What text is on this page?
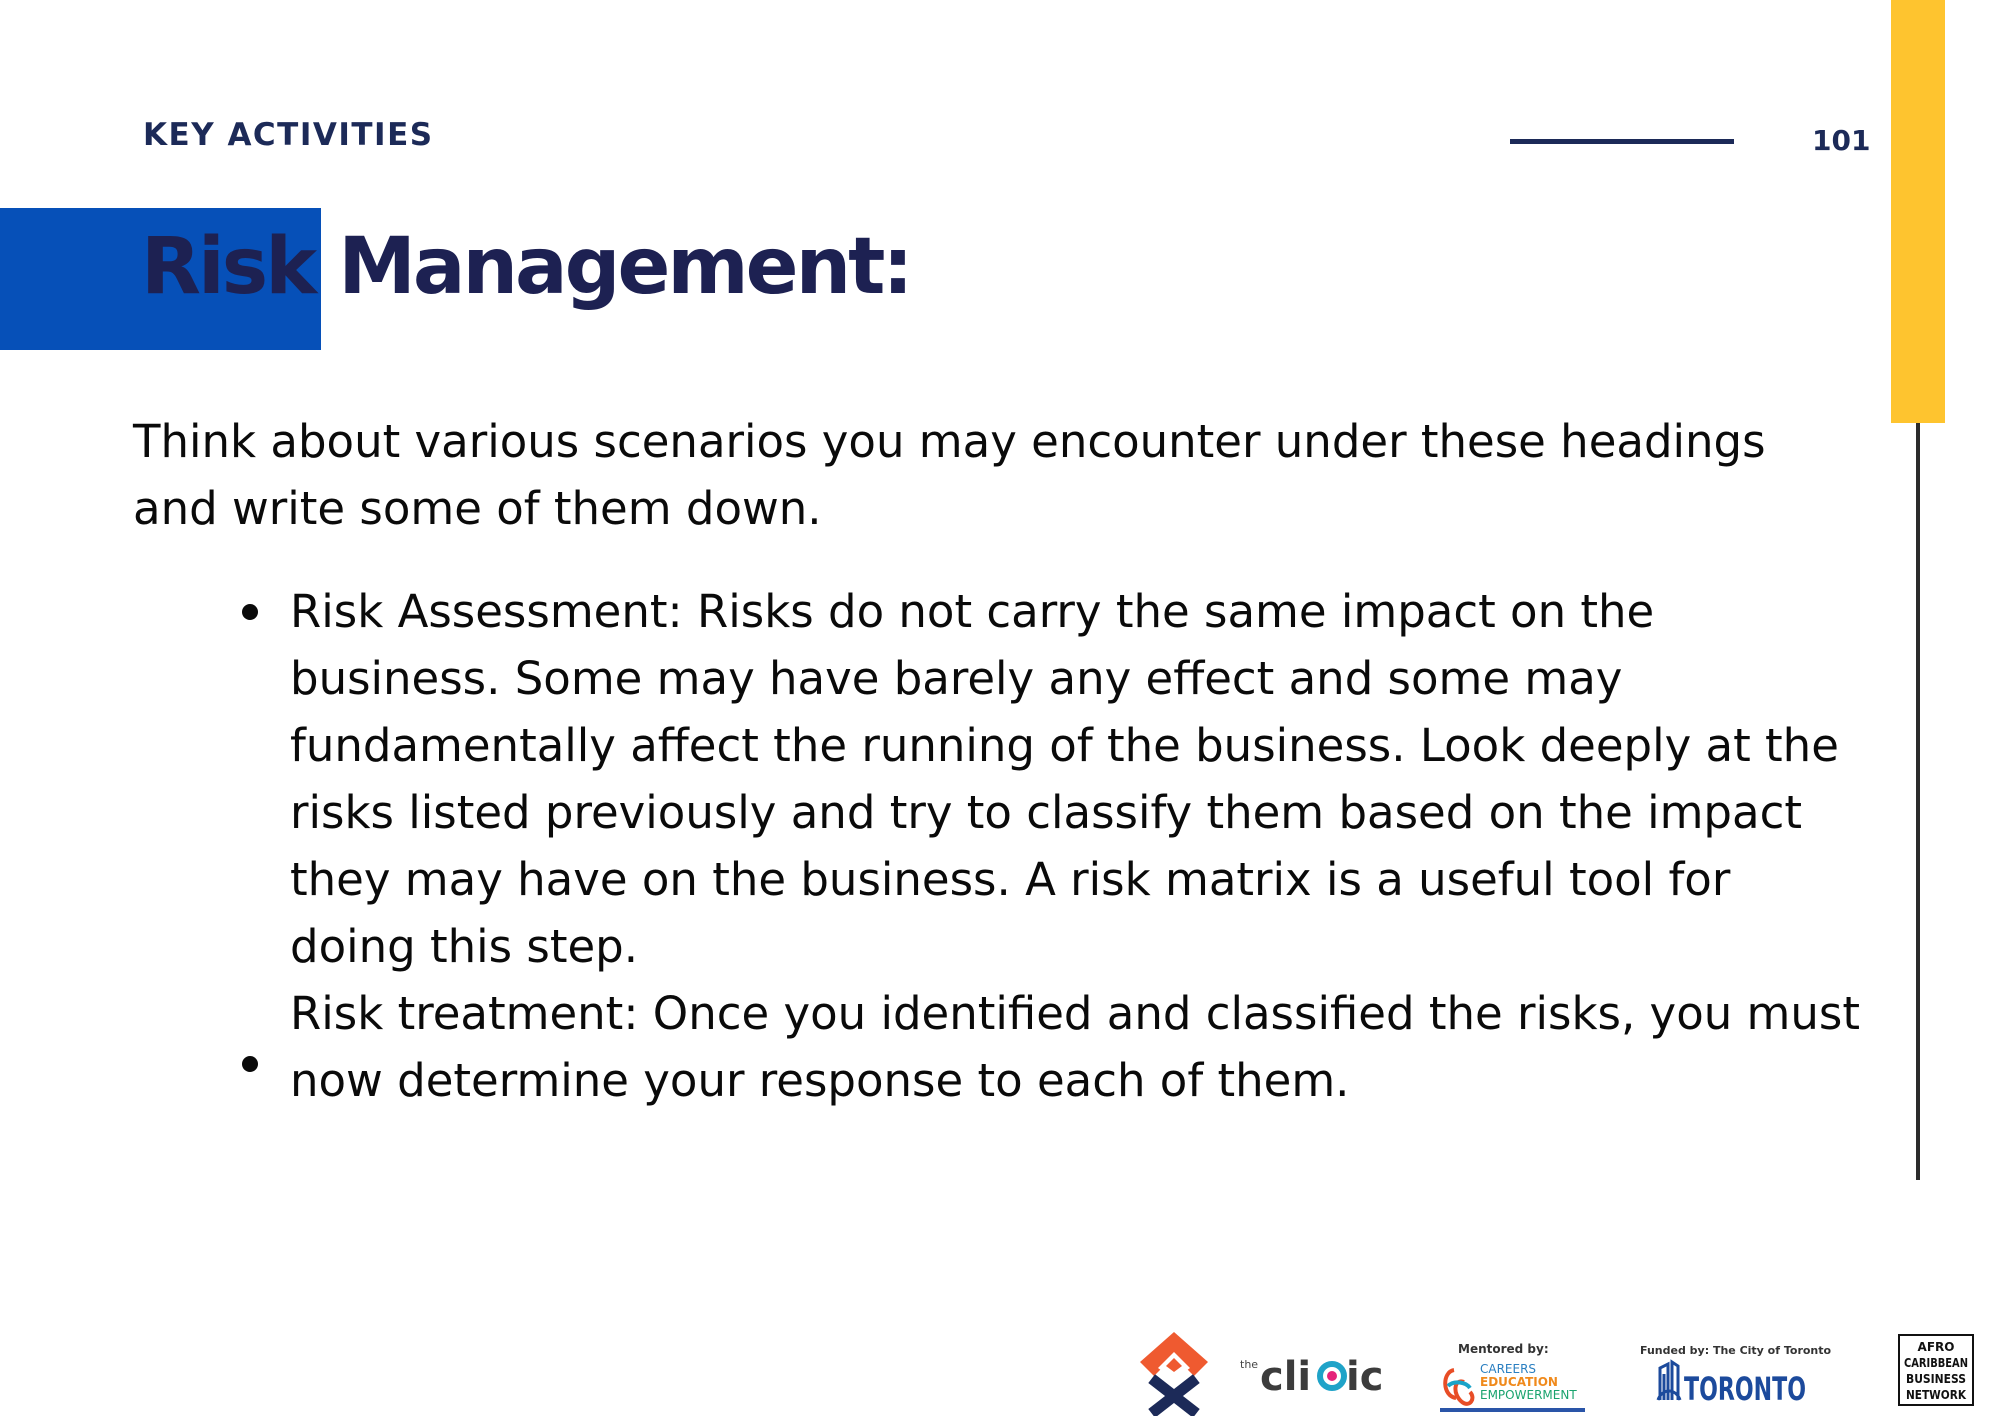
KEY ACTIVITIES	101
Risk Management:

Think about various scenarios you may encounter under these headings and write some of them down.

Risk Assessment: Risks do not carry the same impact on the business. Some may have barely any effect and some may fundamentally affect the running of the business. Look deeply at the risks listed previously and try to classify them based on the impact they may have on the business. A risk matrix is a useful tool for doing this step.
Risk treatment: Once you identified and classified the risks, you must now determine your response to each of them.
the cli ic
Mentored by:
CAREERS
EDUCATION
EMPOWERMENT
Funded by: The City of Toronto
TORONTO
AFRO
CARIBBEAN
BUSINESS
NETWORK
